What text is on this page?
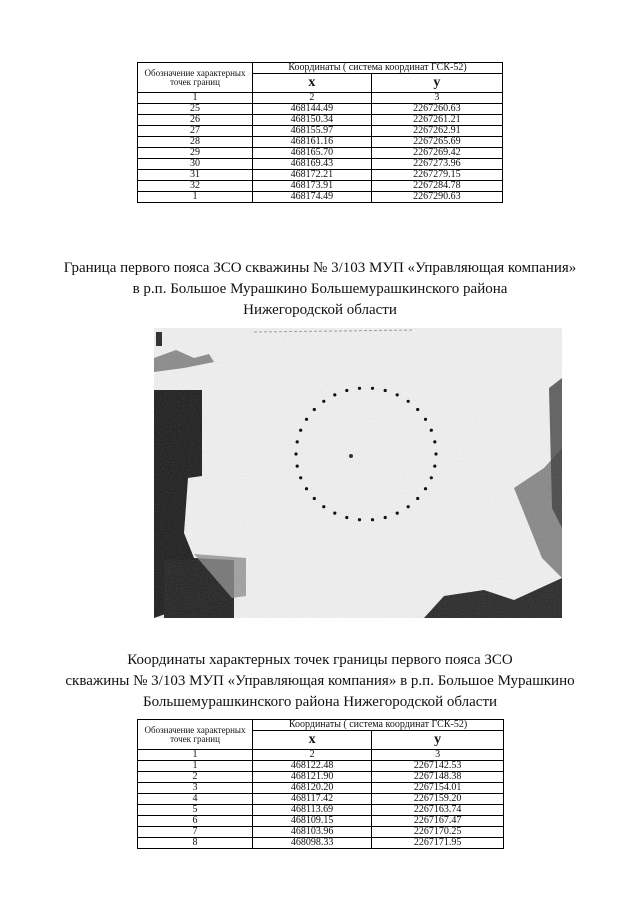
Обозначение характерных точек границ	Координаты ( система координат ГСК-52)	
	x	y
1	2	3
25	468144.49	2267260.63
26	468150.34	2267261.21
27	468155.97	2267262.91
28	468161.16	2267265.69
29	468165.70	2267269.42
30	468169.43	2267273.96
31	468172.21	2267279.15
32	468173.91	2267284.78
1	468174.49	2267290.63
Граница первого пояса ЗСО скважины № 3/103 МУП «Управляющая компания»
в р.п. Большое Мурашкино Большемурашкинского района
Нижегородской области
Координаты характерных точек границы первого пояса ЗСО
скважины № 3/103 МУП «Управляющая компания» в р.п. Большое Мурашкино
Большемурашкинского района Нижегородской области
Обозначение характерных точек границ	Координаты ( система координат ГСК-52)	
	x	y
1	2	3
1	468122.48	2267142.53
2	468121.90	2267148.38
3	468120.20	2267154.01
4	468117.42	2267159.20
5	468113.69	2267163.74
6	468109.15	2267167.47
7	468103.96	2267170.25
8	468098.33	2267171.95
